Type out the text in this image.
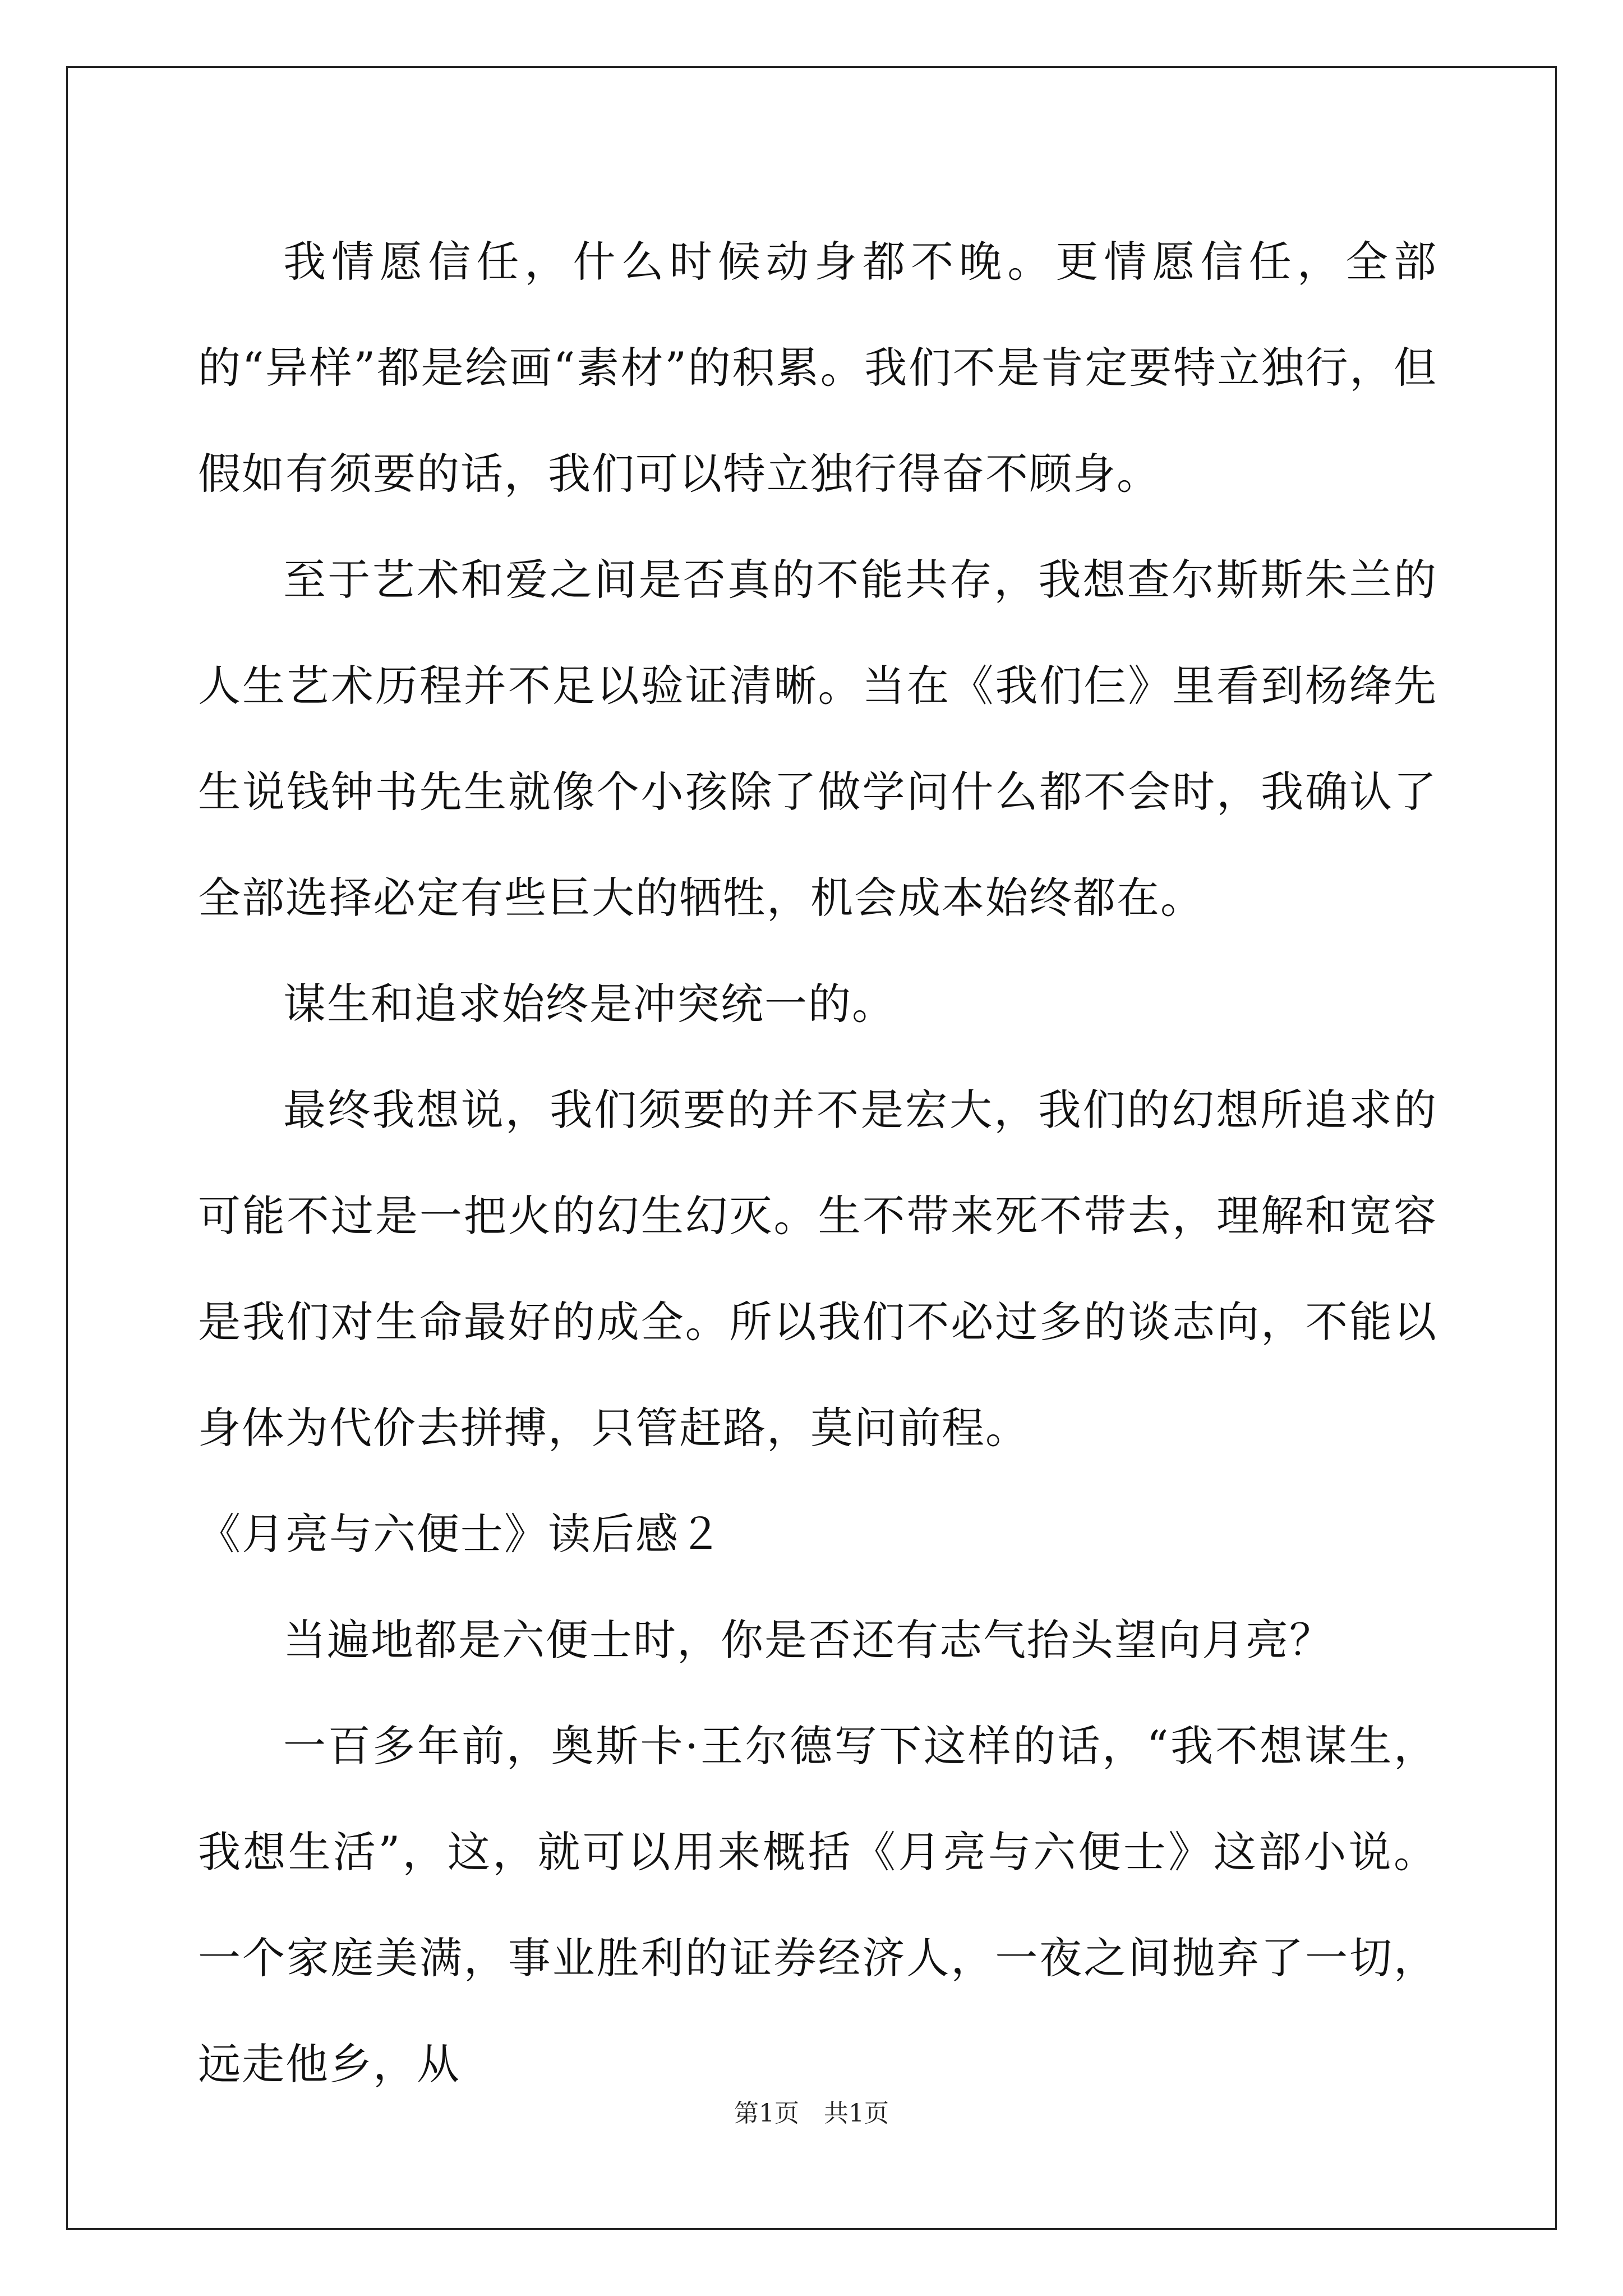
我情愿信任，什么时候动身都不晚。更情愿信任，全部的“异样”都是绘画“素材”的积累。我们不是肯定要特立独行，但假如有须要的话，我们可以特立独行得奋不顾身。

至于艺术和爱之间是否真的不能共存，我想查尔斯斯朱兰的人生艺术历程并不足以验证清晰。当在《我们仨》里看到杨绛先生说钱钟书先生就像个小孩除了做学问什么都不会时，我确认了全部选择必定有些巨大的牺牲，机会成本始终都在。

谋生和追求始终是冲突统一的。

最终我想说，我们须要的并不是宏大，我们的幻想所追求的可能不过是一把火的幻生幻灭。生不带来死不带去，理解和宽容是我们对生命最好的成全。所以我们不必过多的谈志向，不能以身体为代价去拼搏，只管赶路，莫问前程。

《月亮与六便士》读后感２

当遍地都是六便士时，你是否还有志气抬头望向月亮？

一百多年前，奥斯卡·王尔德写下这样的话，“我不想谋生，我想生活”，这，就可以用来概括《月亮与六便士》这部小说。一个家庭美满，事业胜利的证券经济人，一夜之间抛弃了一切，远走他乡，从

第1页　共1页
